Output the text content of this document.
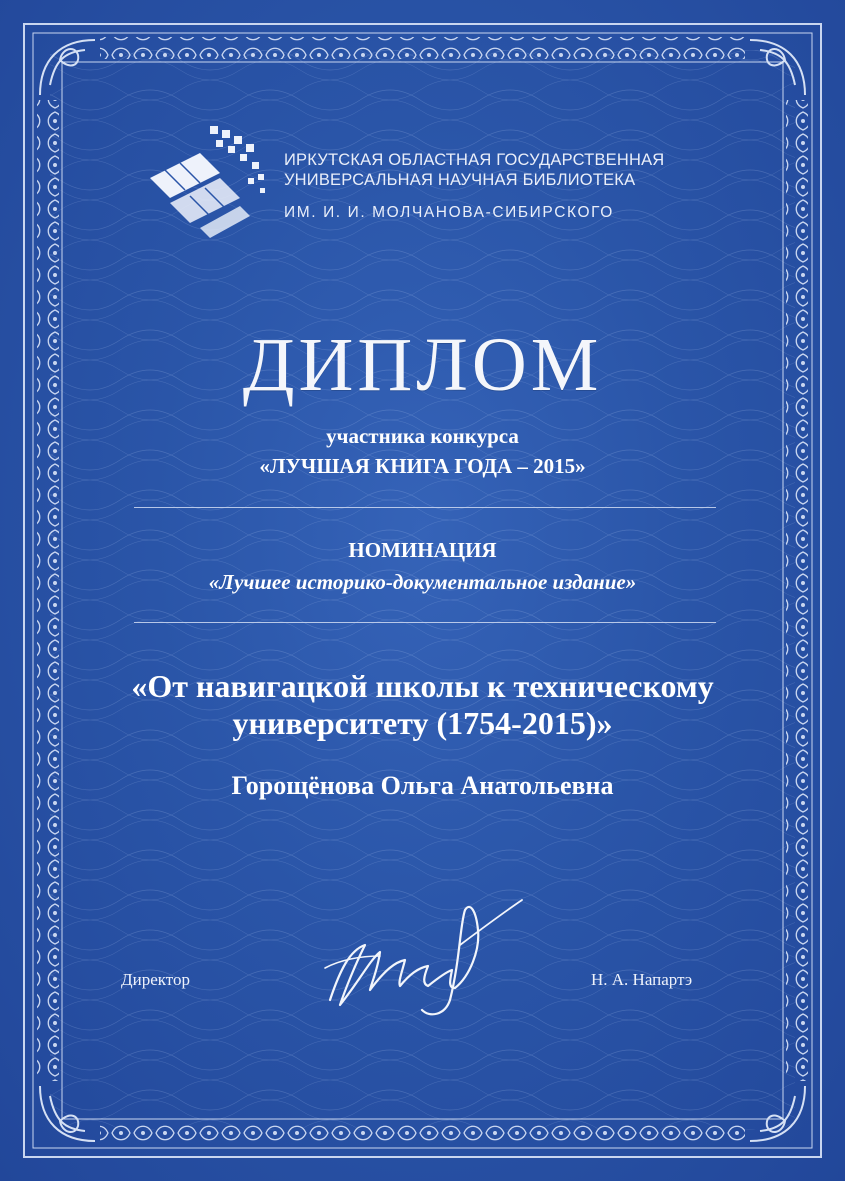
ИРКУТСКАЯ ОБЛАСТНАЯ ГОСУДАРСТВЕННАЯ
УНИВЕРСАЛЬНАЯ НАУЧНАЯ БИБЛИОТЕКА
ИМ. И. И. МОЛЧАНОВА-СИБИРСКОГО
ДИПЛОМ
участника конкурса
«ЛУЧШАЯ КНИГА ГОДА – 2015»
НОМИНАЦИЯ
«Лучшее историко-документальное издание»
«От навигацкой школы к техническому
университету (1754-2015)»
Горощёнова Ольга Анатольевна
Директор	Н. А. Напартэ
